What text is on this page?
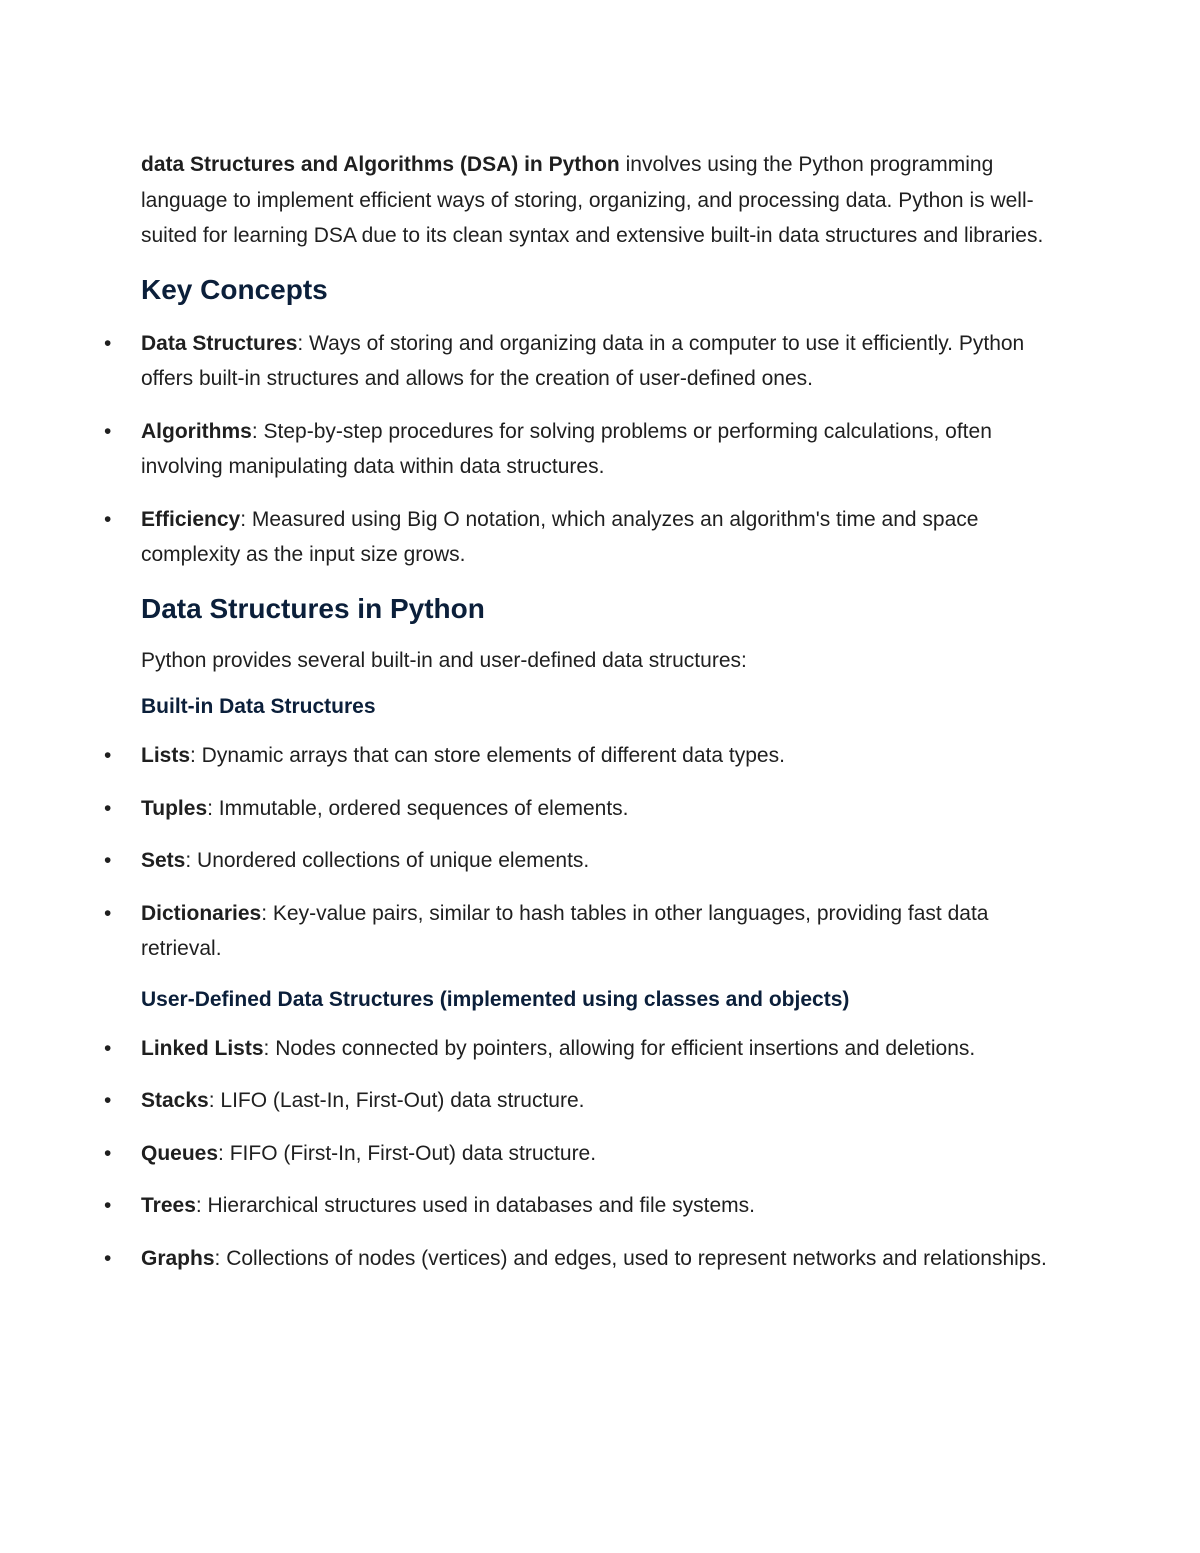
data Structures and Algorithms (DSA) in Python involves using the Python programming language to implement efficient ways of storing, organizing, and processing data. Python is well-suited for learning DSA due to its clean syntax and extensive built-in data structures and libraries.

Key Concepts
• Data Structures: Ways of storing and organizing data in a computer to use it efficiently. Python offers built-in structures and allows for the creation of user-defined ones.
• Algorithms: Step-by-step procedures for solving problems or performing calculations, often involving manipulating data within data structures.
• Efficiency: Measured using Big O notation, which analyzes an algorithm's time and space complexity as the input size grows.
Data Structures in Python

Python provides several built-in and user-defined data structures:

Built-in Data Structures
• Lists: Dynamic arrays that can store elements of different data types.
• Tuples: Immutable, ordered sequences of elements.
• Sets: Unordered collections of unique elements.
• Dictionaries: Key-value pairs, similar to hash tables in other languages, providing fast data retrieval.
User-Defined Data Structures (implemented using classes and objects)
• Linked Lists: Nodes connected by pointers, allowing for efficient insertions and deletions.
• Stacks: LIFO (Last-In, First-Out) data structure.
• Queues: FIFO (First-In, First-Out) data structure.
• Trees: Hierarchical structures used in databases and file systems.
• Graphs: Collections of nodes (vertices) and edges, used to represent networks and relationships.
